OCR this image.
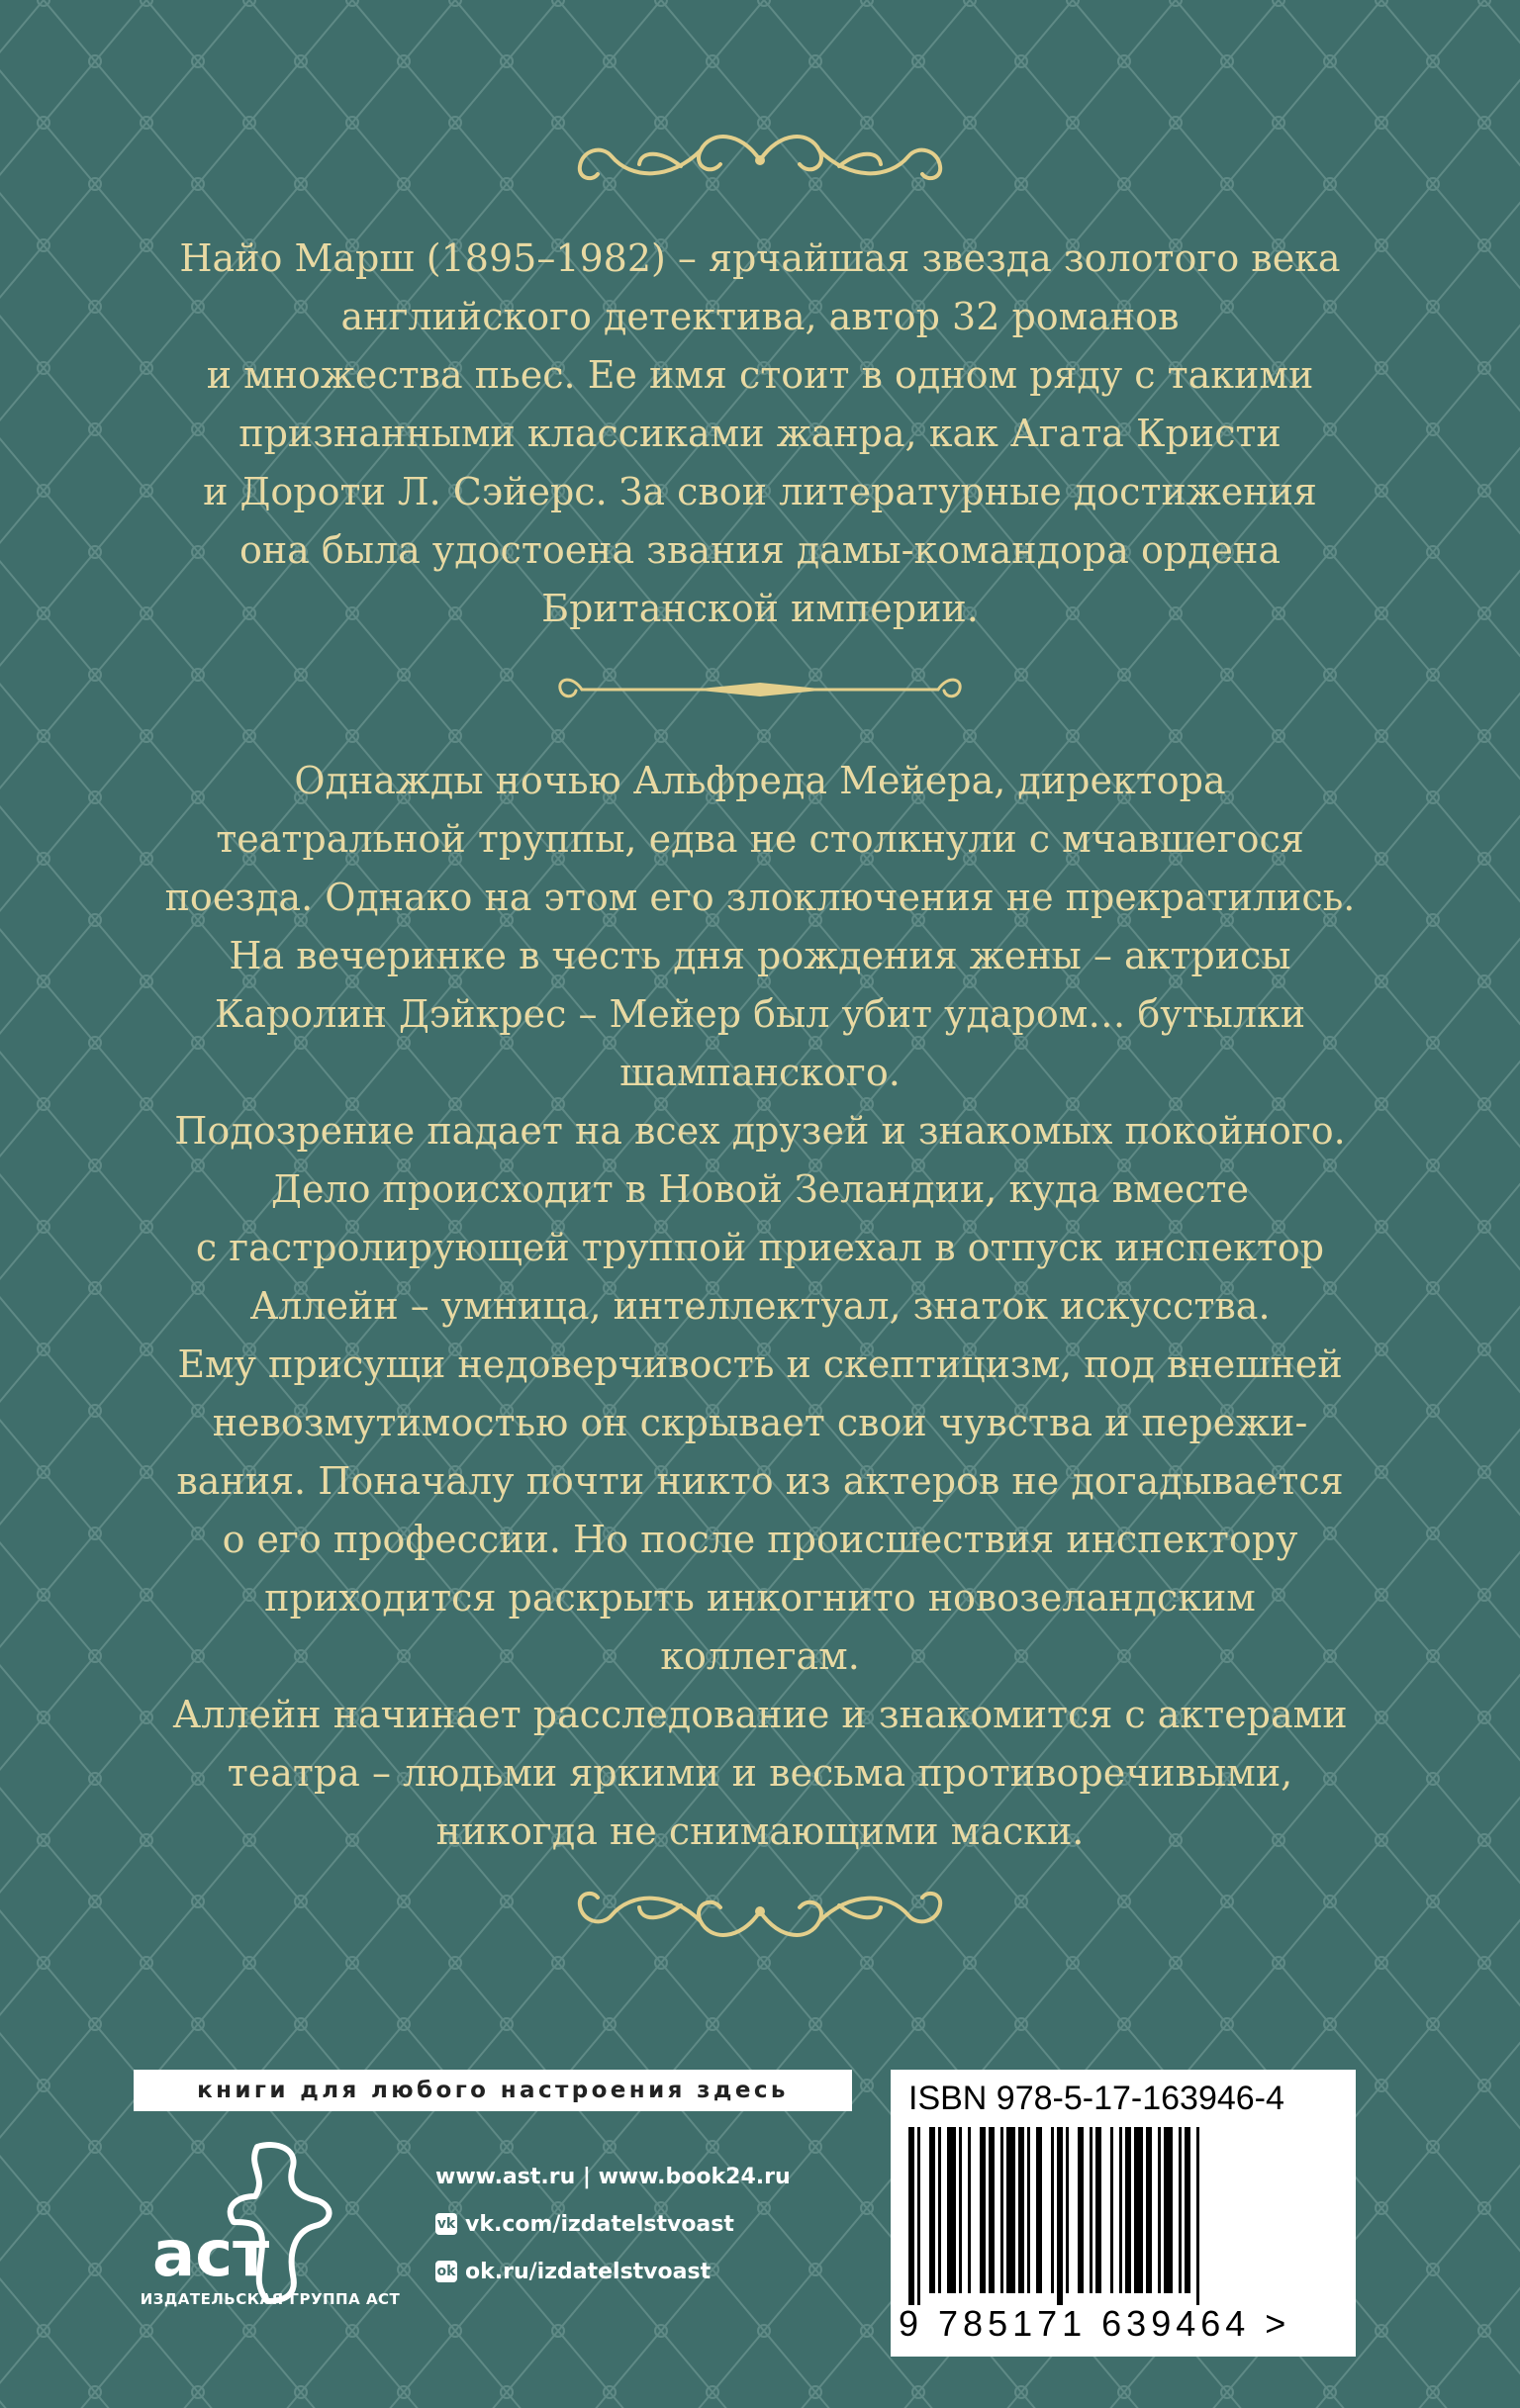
Найо Марш (1895–1982) – ярчайшая звезда золотого века

английского детектива, автор 32 романов

и множества пьес. Ее имя стоит в одном ряду с такими

признанными классиками жанра, как Агата Кристи

и Дороти Л. Сэйерс. За свои литературные достижения

она была удостоена звания дамы-командора ордена

Британской империи.

Однажды ночью Альфреда Мейера, директора

театральной труппы, едва не столкнули с мчавшегося

поезда. Однако на этом его злоключения не прекратились.

На вечеринке в честь дня рождения жены – актрисы

Каролин Дэйкрес – Мейер был убит ударом… бутылки

шампанского.

Подозрение падает на всех друзей и знакомых покойного.

Дело происходит в Новой Зеландии, куда вместе

с гастролирующей труппой приехал в отпуск инспектор

Аллейн – умница, интеллектуал, знаток искусства.

Ему присущи недоверчивость и скептицизм, под внешней

невозмутимостью он скрывает свои чувства и пережи-

вания. Поначалу почти никто из актеров не догадывается

о его профессии. Но после происшествия инспектору

приходится раскрыть инкогнито новозеландским

коллегам.

Аллейн начинает расследование и знакомится с актерами

театра – людьми яркими и весьма противоречивыми,

никогда не снимающими маски.

книги для любого настроения здесь
аст
ИЗДАТЕЛЬСКАЯ ГРУППА АСТ
www.ast.ru | www.book24.ru
vk vk.com/izdatelstvoast
ok ok.ru/izdatelstvoast
ISBN 978-5-17-163946-4
9 785171 639464 >
